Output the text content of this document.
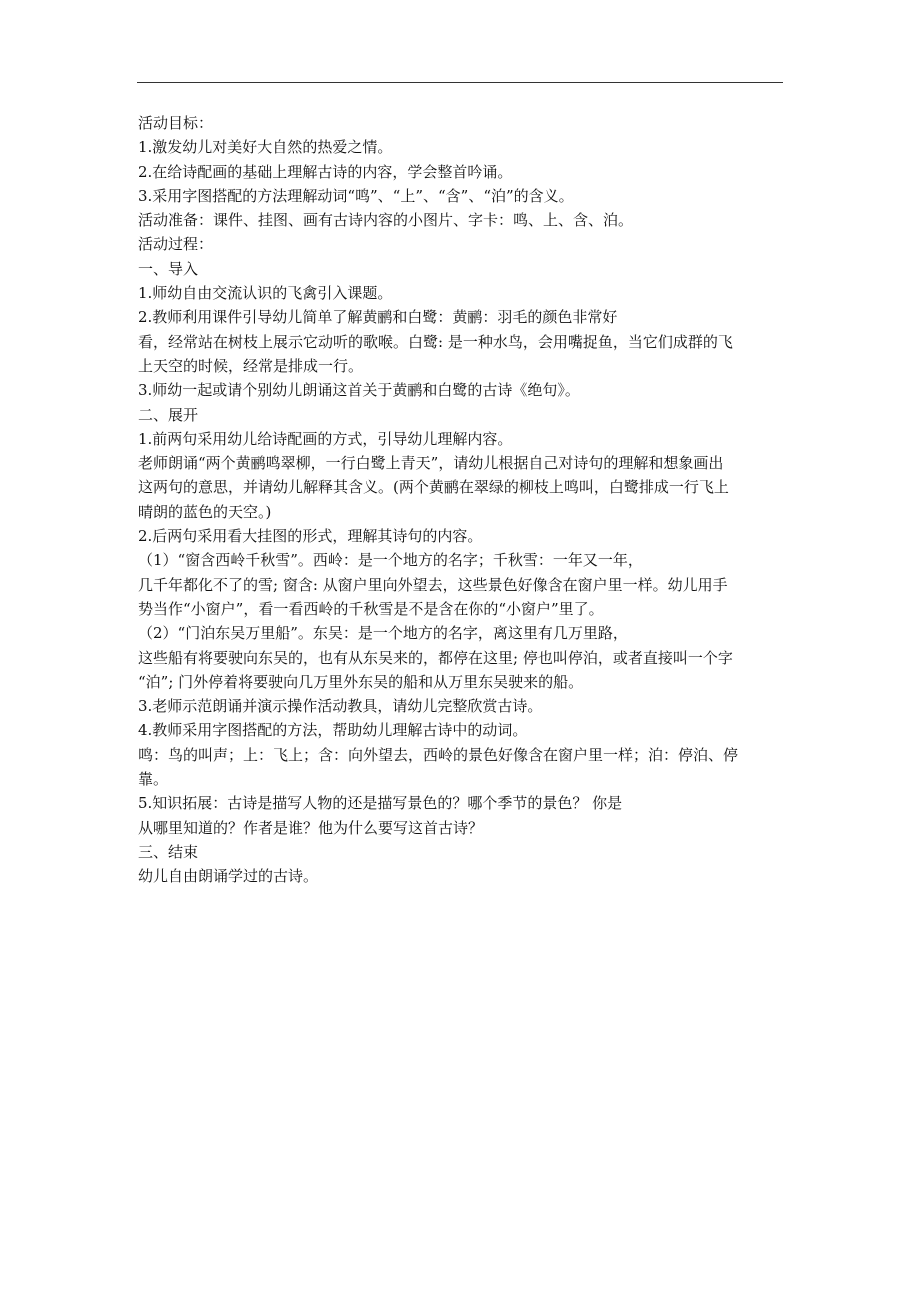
活动目标：
1.激发幼儿对美好大自然的热爱之情。
2.在给诗配画的基础上理解古诗的内容，学会整首吟诵。
3.采用字图搭配的方法理解动词“鸣”、“上”、“含”、“泊”的含义。
活动准备：课件、挂图、画有古诗内容的小图片、字卡：鸣、上、含、泊。
活动过程：
一、导入
1.师幼自由交流认识的飞禽引入课题。
2.教师利用课件引导幼儿简单了解黄鹂和白鹭：黄鹂：羽毛的颜色非常好
看，经常站在树枝上展示它动听的歌喉。白鹭: 是一种水鸟，会用嘴捉鱼，当它们成群的飞
上天空的时候，经常是排成一行。
3.师幼一起或请个别幼儿朗诵这首关于黄鹂和白鹭的古诗《绝句》。
二、展开
1.前两句采用幼儿给诗配画的方式，引导幼儿理解内容。
老师朗诵“两个黄鹂鸣翠柳，一行白鹭上青天”，请幼儿根据自己对诗句的理解和想象画出
这两句的意思，并请幼儿解释其含义。(两个黄鹂在翠绿的柳枝上鸣叫，白鹭排成一行飞上
晴朗的蓝色的天空。)
2.后两句采用看大挂图的形式，理解其诗句的内容。
（1）“窗含西岭千秋雪”。西岭：是一个地方的名字；千秋雪：一年又一年，
几千年都化不了的雪; 窗含: 从窗户里向外望去，这些景色好像含在窗户里一样。幼儿用手
势当作“小窗户”，看一看西岭的千秋雪是不是含在你的“小窗户”里了。
（2）“门泊东吴万里船”。东吴：是一个地方的名字，离这里有几万里路，
这些船有将要驶向东吴的，也有从东吴来的，都停在这里; 停也叫停泊，或者直接叫一个字
“泊”; 门外停着将要驶向几万里外东吴的船和从万里东吴驶来的船。
3.老师示范朗诵并演示操作活动教具，请幼儿完整欣赏古诗。
4.教师采用字图搭配的方法，帮助幼儿理解古诗中的动词。
鸣：鸟的叫声；上：飞上；含：向外望去，西岭的景色好像含在窗户里一样；泊：停泊、停
靠。
5.知识拓展：古诗是描写人物的还是描写景色的？哪个季节的景色？ 你是
从哪里知道的？作者是谁？他为什么要写这首古诗？
三、结束
幼儿自由朗诵学过的古诗。
